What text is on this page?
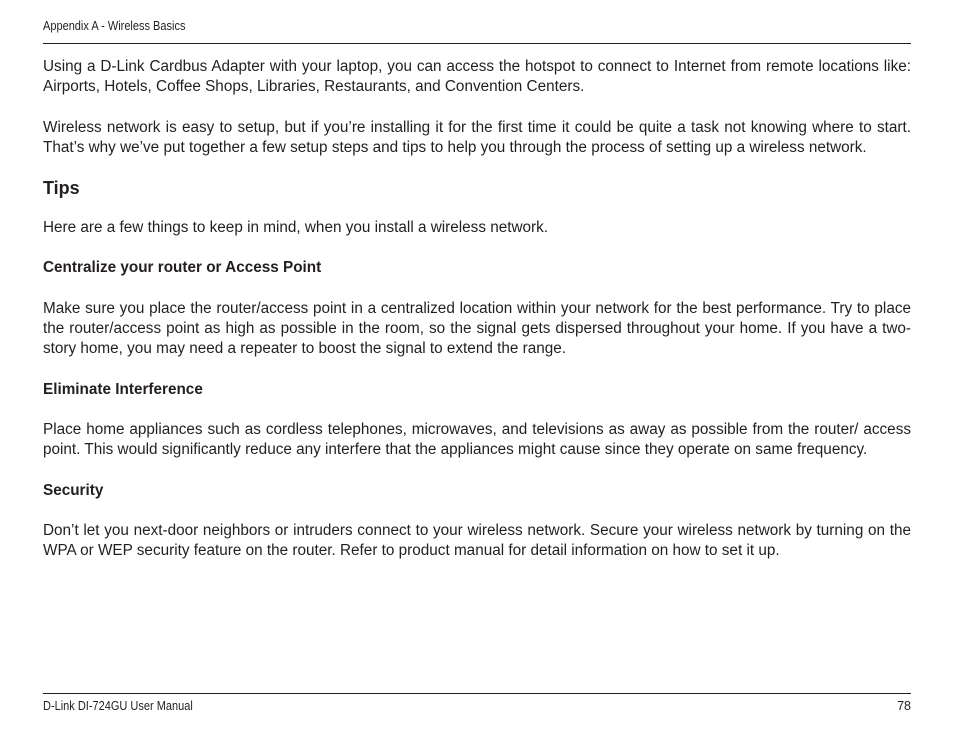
Appendix A - Wireless Basics

Using a D-Link Cardbus Adapter with your laptop, you can access the hotspot to connect to Internet from remote locations like: Airports, Hotels, Coffee Shops, Libraries, Restaurants, and Convention Centers.

Wireless network is easy to setup, but if you’re installing it for the first time it could be quite a task not knowing where to start. That’s why we’ve put together a few setup steps and tips to help you through the process of setting up a wireless network.

Tips

Here are a few things to keep in mind, when you install a wireless network.

Centralize your router or Access Point

Make sure you place the router/access point in a centralized location within your network for the best performance. Try to place the router/access point as high as possible in the room, so the signal gets dispersed throughout your home. If you have a two-story home, you may need a repeater to boost the signal to extend the range.

Eliminate Interference

Place home appliances such as cordless telephones, microwaves, and televisions as away as possible from the router/ access point. This would significantly reduce any interfere that the appliances might cause since they operate on same frequency.

Security

Don’t let you next-door neighbors or intruders connect to your wireless network. Secure your wireless network by turning on the WPA or WEP security feature on the router. Refer to product manual for detail information on how to set it up.

D-Link DI-724GU User Manual	78
